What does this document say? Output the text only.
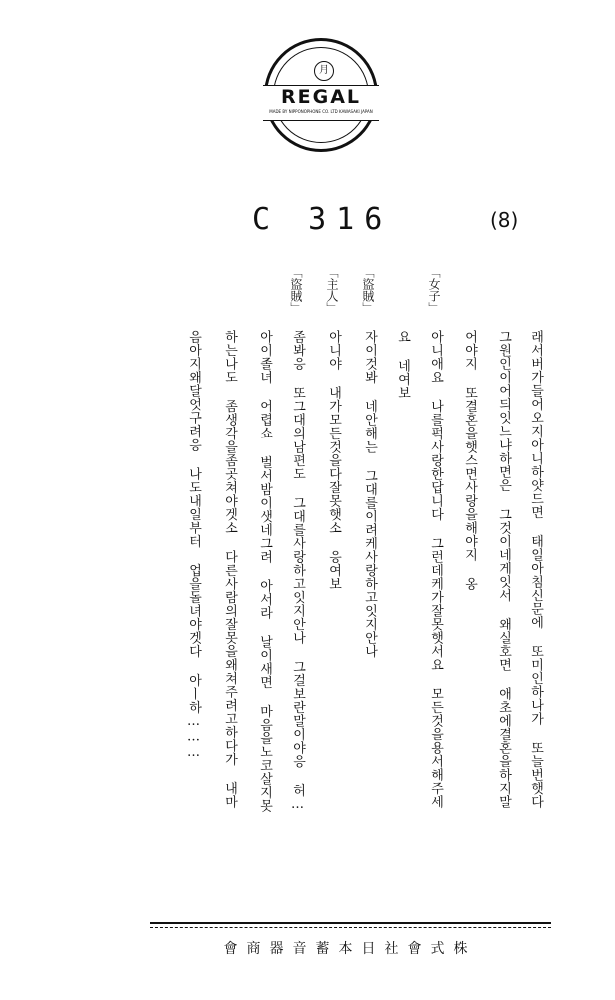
月
REGAL
MADE BY NIPPONOPHONE CO. LTD KAWASAKI JAPAN
C 316	(8)
「女子」
「盜賊」
「主人」
「盜賊」
래서버가들어오지아니하얏드면 태일아침신문에 또미인하나가 또늘번햇다
그원인이어듸잇느냐하면은 그것이네게잇서 왜실호면 애초에결혼을하지말
어야지 또결혼을햇스면사랑을해야지 옹
아니애요 나를퍽사랑한답니다 그런데케가잘못햇서요 모든것을용서해주세
요 네여보
자이것봐 네안해는 그대를이려케사랑하고잇지안나
아니야 내가모든것을다잘못햇소 응여보
좀봐응 또그대의남편도 그대를사랑하고잇지안나 그걸보란말이야응 허…
아이졸녀 어렵쇼 벌서밤이샛네그려 아서라 날이새면 마음을노코살지못
하는나도 좀생각을좀곳쳐야겟소 다른사람의잘못을왜쳐주려고하다가 내마
음아지왜달엇구려응 나도내일부터 업을돌녀야겟다 아ㅣ하………
株式會社日本蓄音器商會
